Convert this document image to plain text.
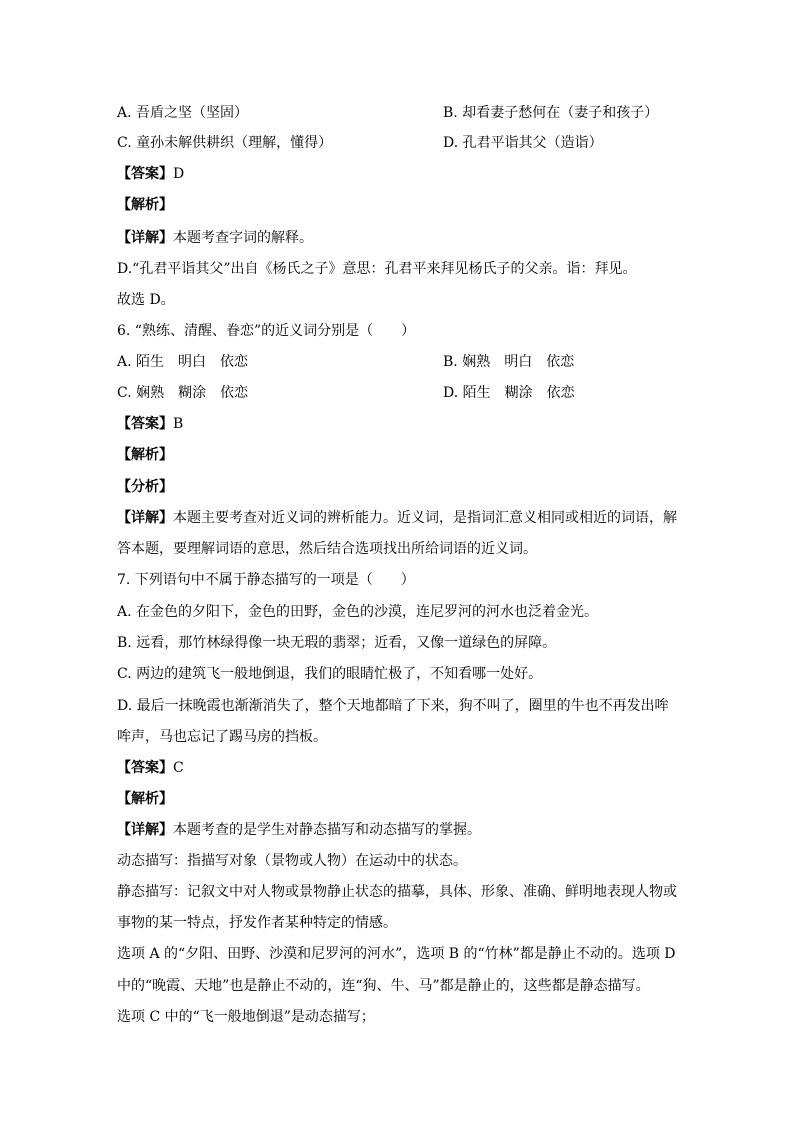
A. 吾盾之坚（坚固）	B. 却看妻子愁何在（妻子和孩子）
C. 童孙未解供耕织（理解，懂得）	D. 孔君平诣其父（造诣）
【答案】D
【解析】
【详解】本题考查字词的解释。
D.“孔君平诣其父”出自《杨氏之子》意思：孔君平来拜见杨氏子的父亲。诣：拜见。
故选 D。
6. “熟练、清醒、眷恋”的近义词分别是（　　）
A. 陌生　明白　依恋	B. 娴熟　明白　依恋
C. 娴熟　糊涂　依恋	D. 陌生　糊涂　依恋
【答案】B
【解析】
【分析】
【详解】本题主要考查对近义词的辨析能力。近义词，是指词汇意义相同或相近的词语，解
答本题，要理解词语的意思，然后结合选项找出所给词语的近义词。
7. 下列语句中不属于静态描写的一项是（　　）
A. 在金色的夕阳下，金色的田野，金色的沙漠，连尼罗河的河水也泛着金光。
B. 远看，那竹林绿得像一块无瑕的翡翠；近看，又像一道绿色的屏障。
C. 两边的建筑飞一般地倒退，我们的眼睛忙极了，不知看哪一处好。
D. 最后一抹晚霞也渐渐消失了，整个天地都暗了下来，狗不叫了，圈里的牛也不再发出哞
哞声，马也忘记了踢马房的挡板。
【答案】C
【解析】
【详解】本题考查的是学生对静态描写和动态描写的掌握。
动态描写：指描写对象（景物或人物）在运动中的状态。
静态描写：记叙文中对人物或景物静止状态的描摹，具体、形象、准确、鲜明地表现人物或
事物的某一特点，抒发作者某种特定的情感。
选项 A 的“夕阳、田野、沙漠和尼罗河的河水”，选项 B 的“竹林”都是静止不动的。选项 D
中的“晚霞、天地”也是静止不动的，连“狗、牛、马”都是静止的，这些都是静态描写。
选项 C 中的“飞一般地倒退”是动态描写；
